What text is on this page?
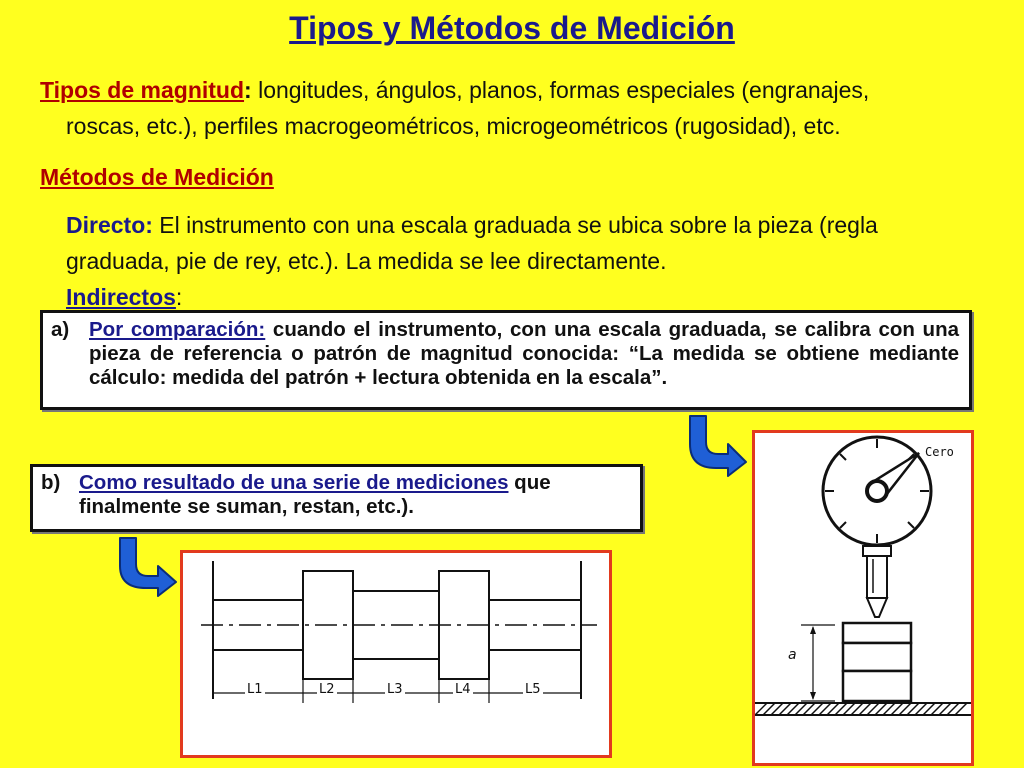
Tipos y Métodos de Medición
Tipos de magnitud: longitudes, ángulos, planos, formas especiales (engranajes,
roscas, etc.), perfiles macrogeométricos, microgeométricos (rugosidad), etc.
Métodos de Medición
Directo: El instrumento con una escala graduada se ubica sobre la pieza (regla
graduada, pie de rey, etc.). La medida se lee directamente.
Indirectos:
a) Por comparación: cuando el instrumento, con una escala graduada, se calibra con una pieza de referencia o patrón de magnitud conocida: “La medida se obtiene mediante cálculo: medida del patrón + lectura obtenida en la escala”.
b) Como resultado de una serie de mediciones que finalmente se suman, restan, etc.).
Cero
a
L1	L2	L3	L4	L5
